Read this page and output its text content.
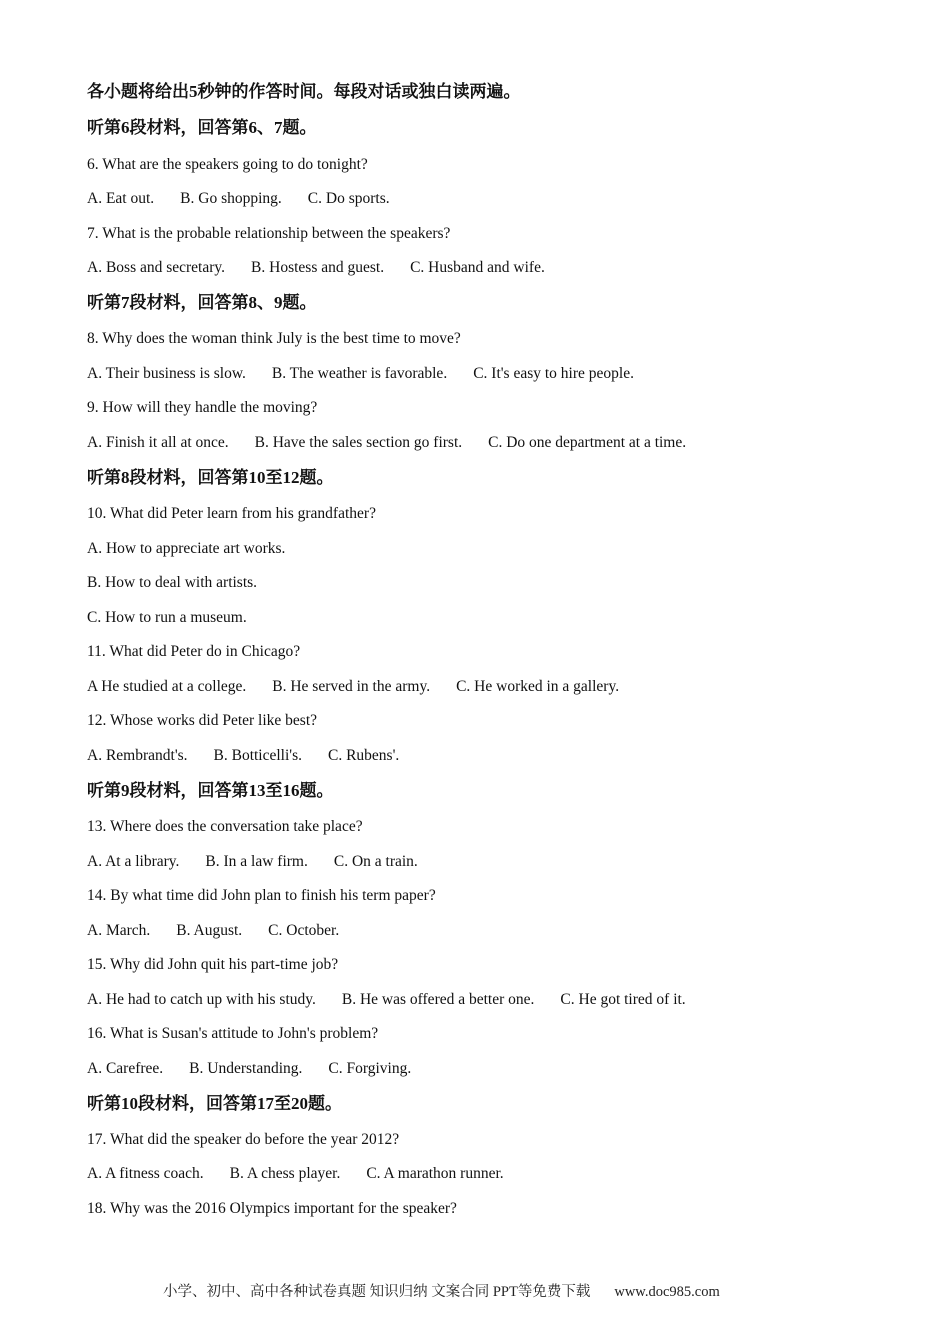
各小题将给出5秒钟的作答时间。每段对话或独白读两遍。
听第6段材料，回答第6、7题。
6. What are the speakers going to do tonight?
A. Eat out. B. Go shopping. C. Do sports.
7. What is the probable relationship between the speakers?
A. Boss and secretary. B. Hostess and guest. C. Husband and wife.
听第7段材料，回答第8、9题。
8. Why does the woman think July is the best time to move?
A. Their business is slow. B. The weather is favorable. C. It's easy to hire people.
9. How will they handle the moving?
A. Finish it all at once. B. Have the sales section go first. C. Do one department at a time.
听第8段材料，回答第10至12题。
10. What did Peter learn from his grandfather?
A. How to appreciate art works.
B. How to deal with artists.
C. How to run a museum.
11. What did Peter do in Chicago?
A He studied at a college. B. He served in the army. C. He worked in a gallery.
12. Whose works did Peter like best?
A. Rembrandt's. B. Botticelli's. C. Rubens'.
听第9段材料，回答第13至16题。
13. Where does the conversation take place?
A. At a library. B. In a law firm. C. On a train.
14. By what time did John plan to finish his term paper?
A. March. B. August. C. October.
15. Why did John quit his part-time job?
A. He had to catch up with his study. B. He was offered a better one. C. He got tired of it.
16. What is Susan's attitude to John's problem?
A. Carefree. B. Understanding. C. Forgiving.
听第10段材料，回答第17至20题。
17. What did the speaker do before the year 2012?
A. A fitness coach. B. A chess player. C. A marathon runner.
18. Why was the 2016 Olympics important for the speaker?
小学、初中、高中各种试卷真题 知识归纳 文案合同 PPT等免费下载 www.doc985.com
